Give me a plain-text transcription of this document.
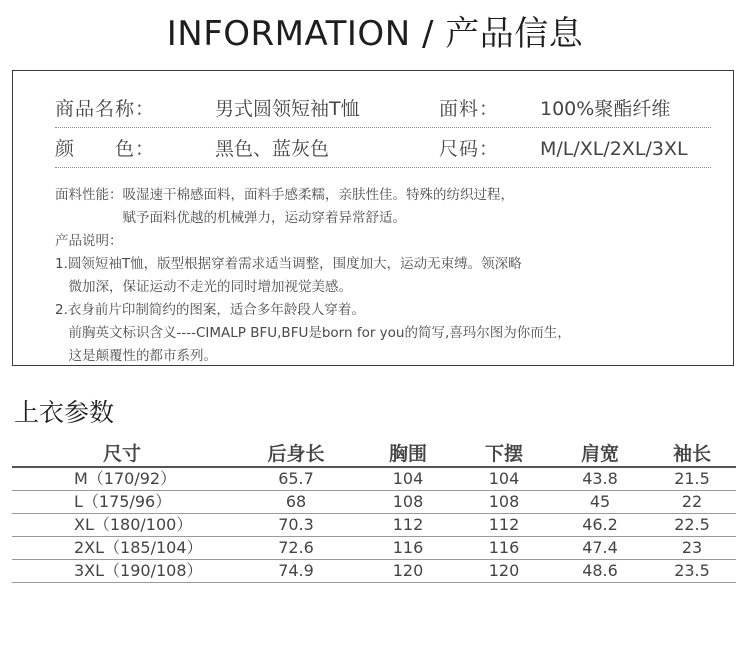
INFORMATION / 产品信息
商品名称：	男式圆领短袖T恤	面料： 100%聚酯纤维
颜　　色：	黑色、蓝灰色	尺码： M/L/XL/2XL/3XL
面料性能：吸湿速干棉感面料，面料手感柔糯，亲肤性佳。特殊的纺织过程，
　　　　　赋予面料优越的机械弹力，运动穿着异常舒适。
产品说明：
1.圆领短袖T恤，版型根据穿着需求适当调整，围度加大，运动无束缚。领深略
　微加深，保证运动不走光的同时增加视觉美感。
2.衣身前片印制简约的图案，适合多年龄段人穿着。
　前胸英文标识含义----CIMALP BFU,BFU是born for you的简写,喜玛尔图为你而生，
　这是颠覆性的都市系列。
上衣参数
尺寸	后身长	胸围	下摆	肩宽	袖长
M（170/92）	65.7	104	104	43.8	21.5
L（175/96）	68	108	108	45	22
XL（180/100）	70.3	112	112	46.2	22.5
2XL（185/104）	72.6	116	116	47.4	23
3XL（190/108）	74.9	120	120	48.6	23.5
